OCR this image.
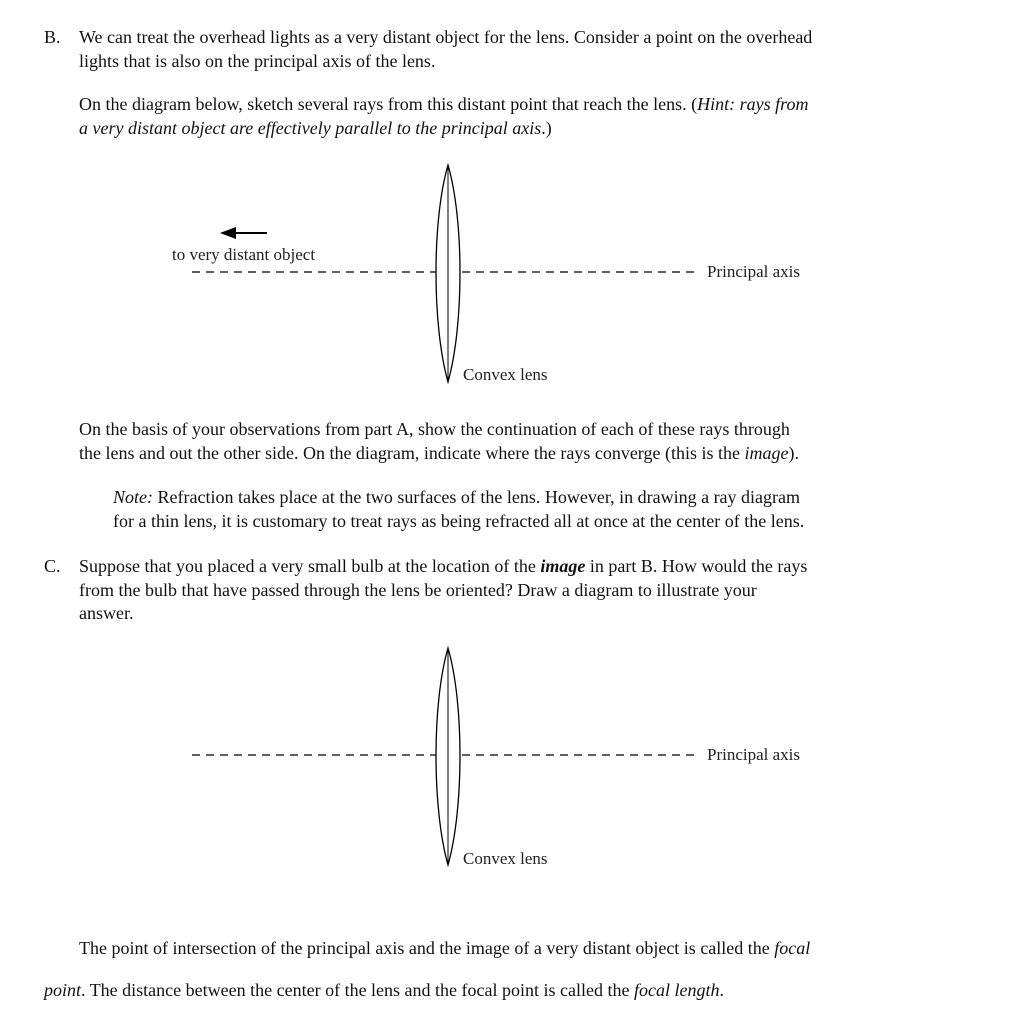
B. We can treat the overhead lights as a very distant object for the lens. Consider a point on the overhead
lights that is also on the principal axis of the lens.
On the diagram below, sketch several rays from this distant point that reach the lens. (Hint: rays from
a very distant object are effectively parallel to the principal axis.)
to very distant object
Principal axis
Convex lens
On the basis of your observations from part A, show the continuation of each of these rays through
the lens and out the other side. On the diagram, indicate where the rays converge (this is the image).
Note: Refraction takes place at the two surfaces of the lens. However, in drawing a ray diagram
for a thin lens, it is customary to treat rays as being refracted all at once at the center of the lens.
C. Suppose that you placed a very small bulb at the location of the image in part B. How would the rays
from the bulb that have passed through the lens be oriented? Draw a diagram to illustrate your
answer.
Principal axis
Convex lens
The point of intersection of the principal axis and the image of a very distant object is called the focal
point. The distance between the center of the lens and the focal point is called the focal length.
